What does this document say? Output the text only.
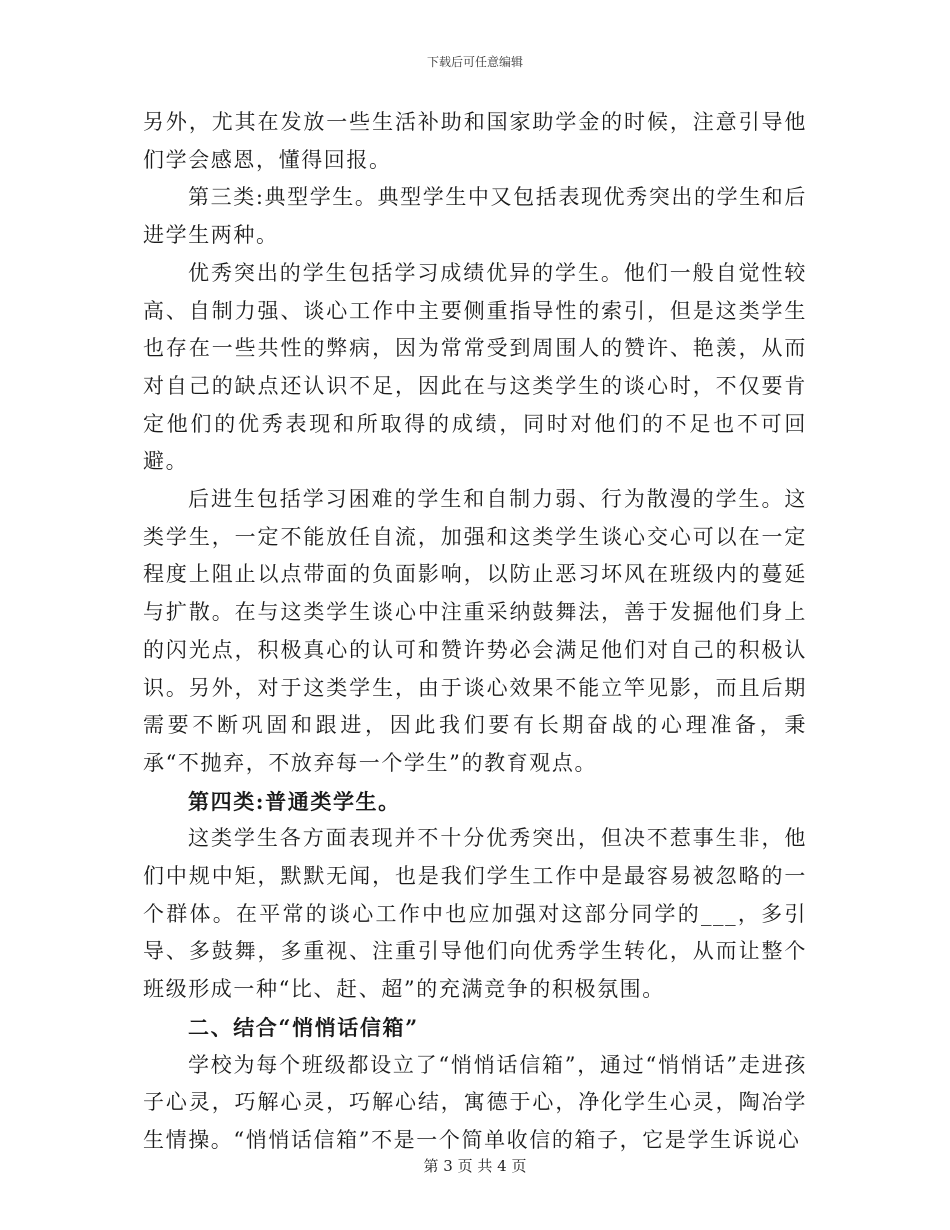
下载后可任意编辑

另外，尤其在发放一些生活补助和国家助学金的时候，注意引导他们学会感恩，懂得回报。

第三类:典型学生。典型学生中又包括表现优秀突出的学生和后进学生两种。

优秀突出的学生包括学习成绩优异的学生。他们一般自觉性较高、自制力强、谈心工作中主要侧重指导性的索引，但是这类学生也存在一些共性的弊病，因为常常受到周围人的赞许、艳羡，从而对自己的缺点还认识不足，因此在与这类学生的谈心时，不仅要肯定他们的优秀表现和所取得的成绩，同时对他们的不足也不可回避。

后进生包括学习困难的学生和自制力弱、行为散漫的学生。这类学生，一定不能放任自流，加强和这类学生谈心交心可以在一定程度上阻止以点带面的负面影响，以防止恶习坏风在班级内的蔓延与扩散。在与这类学生谈心中注重采纳鼓舞法，善于发掘他们身上的闪光点，积极真心的认可和赞许势必会满足他们对自己的积极认识。另外，对于这类学生，由于谈心效果不能立竿见影，而且后期需要不断巩固和跟进，因此我们要有长期奋战的心理准备，秉承“不抛弃，不放弃每一个学生”的教育观点。

第四类:普通类学生。

这类学生各方面表现并不十分优秀突出，但决不惹事生非，他们中规中矩，默默无闻，也是我们学生工作中是最容易被忽略的一个群体。在平常的谈心工作中也应加强对这部分同学的___，多引导、多鼓舞，多重视、注重引导他们向优秀学生转化，从而让整个班级形成一种“比、赶、超”的充满竞争的积极氛围。

二、结合“悄悄话信箱”

学校为每个班级都设立了“悄悄话信箱”，通过“悄悄话”走进孩子心灵，巧解心灵，巧解心结，寓德于心，净化学生心灵，陶冶学生情操。“悄悄话信箱”不是一个简单收信的箱子，它是学生诉说心

第 3 页 共 4 页
